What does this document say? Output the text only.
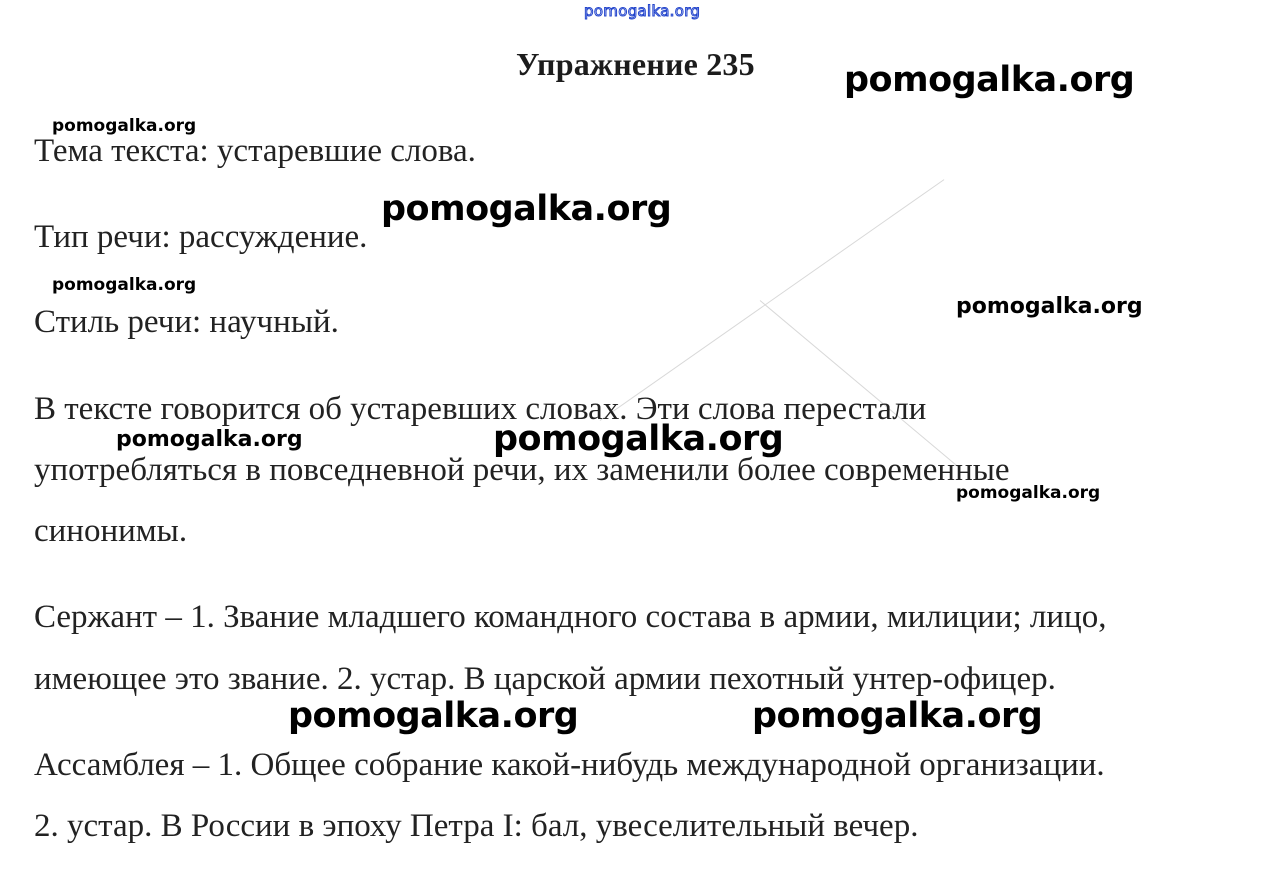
pomogalka.org
Упражнение 235
Тема текста: устаревшие слова.
Тип речи: рассуждение.
Стиль речи: научный.
В тексте говорится об устаревших словах. Эти слова перестали
употребляться в повседневной речи, их заменили более современные
синонимы.
Сержант – 1. Звание младшего командного состава в армии, милиции; лицо,
имеющее это звание. 2. устар. В царской армии пехотный унтер-офицер.
Ассамблея – 1. Общее собрание какой-нибудь международной организации.
2. устар. В России в эпоху Петра I: бал, увеселительный вечер.
pomogalka.org
pomogalka.org
pomogalka.org
pomogalka.org	pomogalka.org
pomogalka.org
pomogalka.org
pomogalka.org
pomogalka.org
pomogalka.org
